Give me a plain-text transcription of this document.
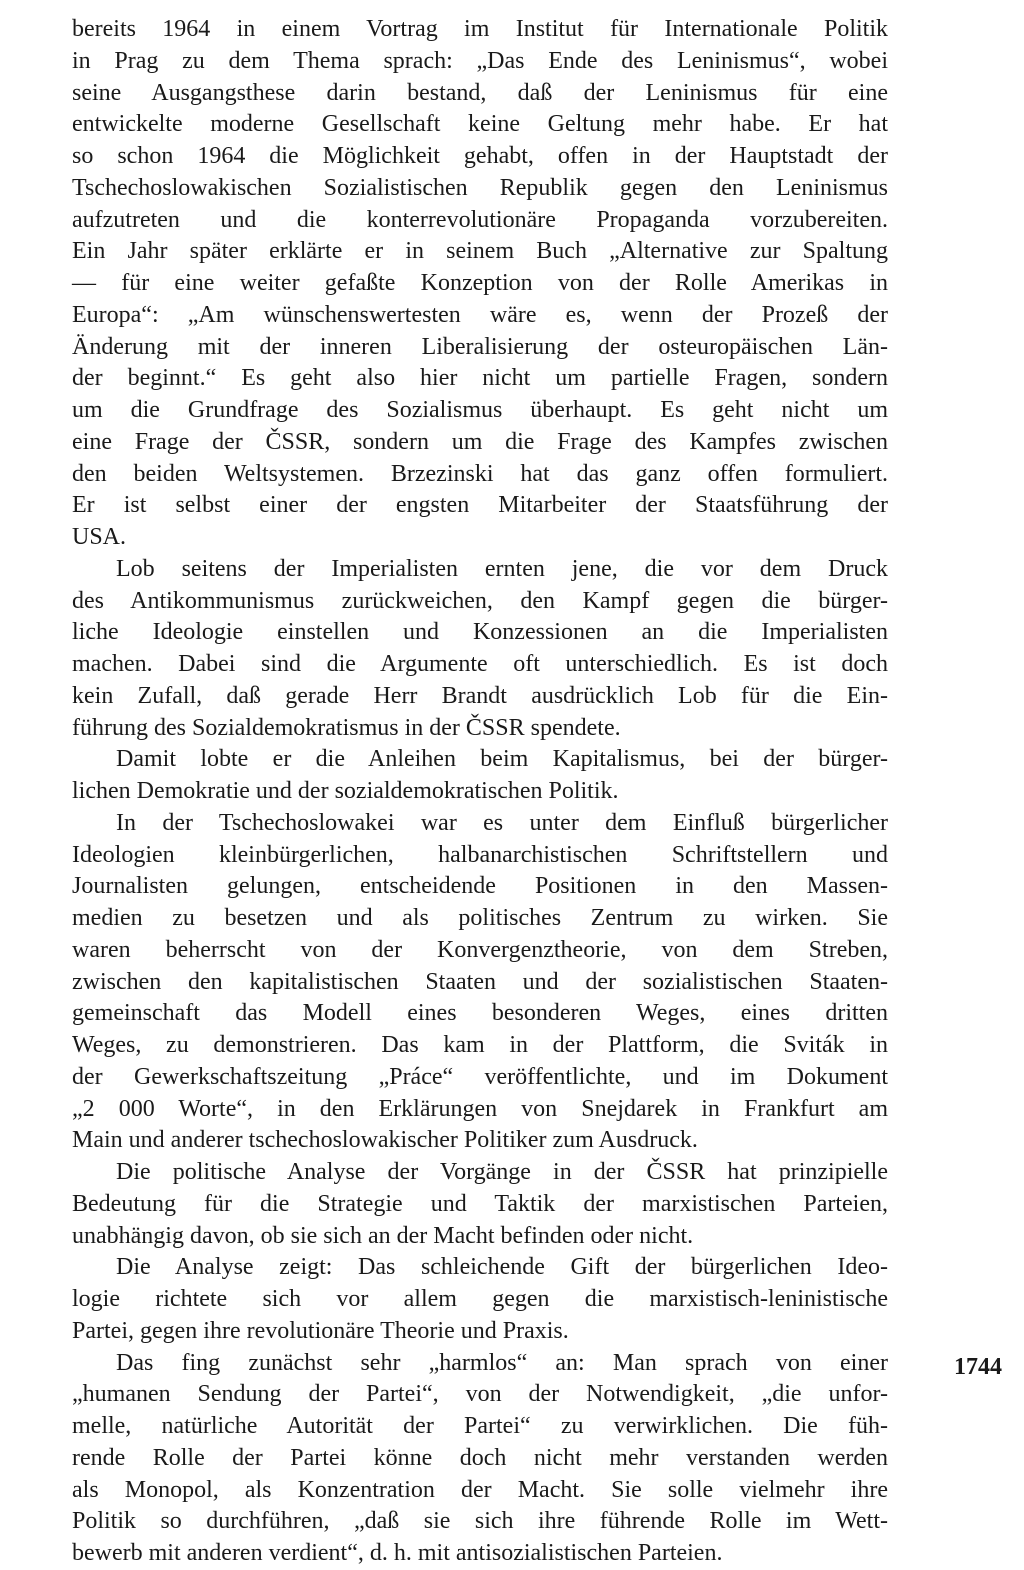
bereits 1964 in einem Vortrag im Institut für Internationale Politik
in Prag zu dem Thema sprach: „Das Ende des Leninismus“, wobei
seine Ausgangsthese darin bestand, daß der Leninismus für eine
entwickelte moderne Gesellschaft keine Geltung mehr habe. Er hat
so schon 1964 die Möglichkeit gehabt, offen in der Hauptstadt der
Tschechoslowakischen Sozialistischen Republik gegen den Leninismus
aufzutreten und die konterrevolutionäre Propaganda vorzubereiten.
Ein Jahr später erklärte er in seinem Buch „Alternative zur Spaltung
— für eine weiter gefaßte Konzeption von der Rolle Amerikas in
Europa“: „Am wünschenswertesten wäre es, wenn der Prozeß der
Änderung mit der inneren Liberalisierung der osteuropäischen Län-
der beginnt.“ Es geht also hier nicht um partielle Fragen, sondern
um die Grundfrage des Sozialismus überhaupt. Es geht nicht um
eine Frage der ČSSR, sondern um die Frage des Kampfes zwischen
den beiden Weltsystemen. Brzezinski hat das ganz offen formuliert.
Er ist selbst einer der engsten Mitarbeiter der Staatsführung der
USA.
Lob seitens der Imperialisten ernten jene, die vor dem Druck
des Antikommunismus zurückweichen, den Kampf gegen die bürger-
liche Ideologie einstellen und Konzessionen an die Imperialisten
machen. Dabei sind die Argumente oft unterschiedlich. Es ist doch
kein Zufall, daß gerade Herr Brandt ausdrücklich Lob für die Ein-
führung des Sozialdemokratismus in der ČSSR spendete.
Damit lobte er die Anleihen beim Kapitalismus, bei der bürger-
lichen Demokratie und der sozialdemokratischen Politik.
In der Tschechoslowakei war es unter dem Einfluß bürgerlicher
Ideologien kleinbürgerlichen, halbanarchistischen Schriftstellern und
Journalisten gelungen, entscheidende Positionen in den Massen-
medien zu besetzen und als politisches Zentrum zu wirken. Sie
waren beherrscht von der Konvergenztheorie, von dem Streben,
zwischen den kapitalistischen Staaten und der sozialistischen Staaten-
gemeinschaft das Modell eines besonderen Weges, eines dritten
Weges, zu demonstrieren. Das kam in der Plattform, die Sviták in
der Gewerkschaftszeitung „Práce“ veröffentlichte, und im Dokument
„2 000 Worte“, in den Erklärungen von Snejdarek in Frankfurt am
Main und anderer tschechoslowakischer Politiker zum Ausdruck.
Die politische Analyse der Vorgänge in der ČSSR hat prinzipielle
Bedeutung für die Strategie und Taktik der marxistischen Parteien,
unabhängig davon, ob sie sich an der Macht befinden oder nicht.
Die Analyse zeigt: Das schleichende Gift der bürgerlichen Ideo-
logie richtete sich vor allem gegen die marxistisch-leninistische
Partei, gegen ihre revolutionäre Theorie und Praxis.
Das fing zunächst sehr „harmlos“ an: Man sprach von einer
„humanen Sendung der Partei“, von der Notwendigkeit, „die unfor-
melle, natürliche Autorität der Partei“ zu verwirklichen. Die füh-
rende Rolle der Partei könne doch nicht mehr verstanden werden
als Monopol, als Konzentration der Macht. Sie solle vielmehr ihre
Politik so durchführen, „daß sie sich ihre führende Rolle im Wett-
bewerb mit anderen verdient“, d. h. mit antisozialistischen Parteien.
1744
